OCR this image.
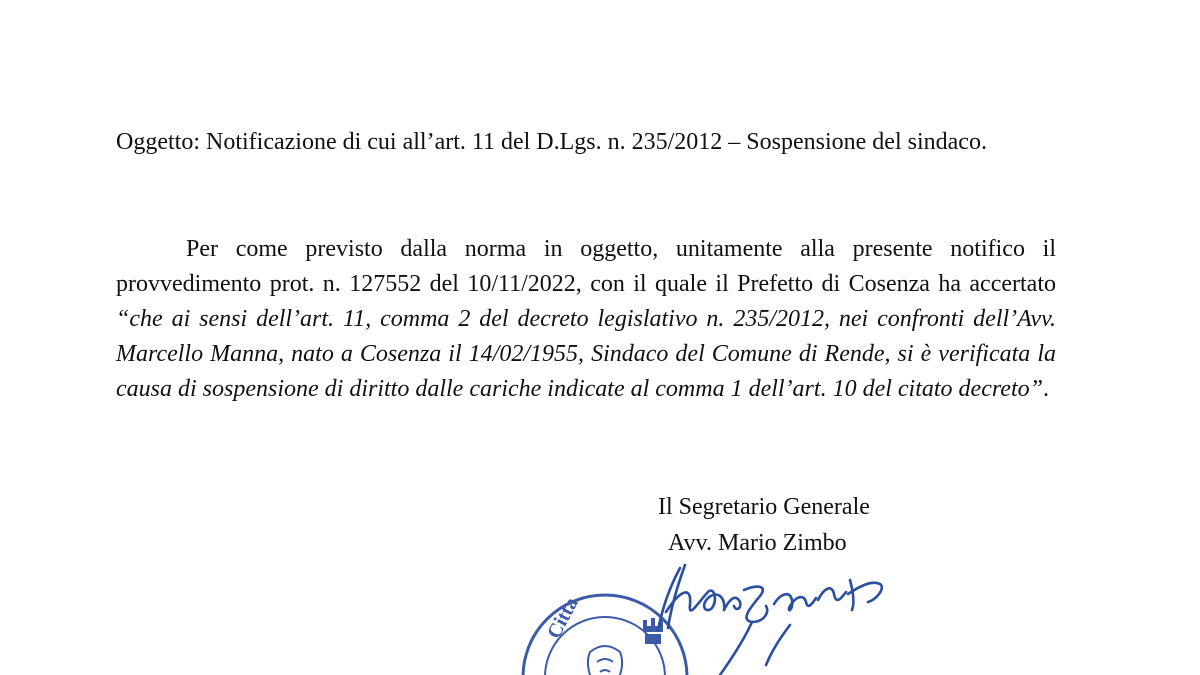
Oggetto: Notificazione di cui all’art. 11 del D.Lgs. n. 235/2012 – Sospensione del sindaco.

Per come previsto dalla norma in oggetto, unitamente alla presente notifico il provvedimento prot. n. 127552 del 10/11/2022, con il quale il Prefetto di Cosenza ha accertato “che ai sensi dell’art. 11, comma 2 del decreto legislativo n. 235/2012, nei confronti dell’Avv. Marcello Manna, nato a Cosenza il 14/02/1955, Sindaco del Comune di Rende, si è verificata la causa di sospensione di diritto dalle cariche indicate al comma 1 dell’art. 10 del citato decreto”.

Il Segretario Generale
Avv. Mario Zimbo
Citta
